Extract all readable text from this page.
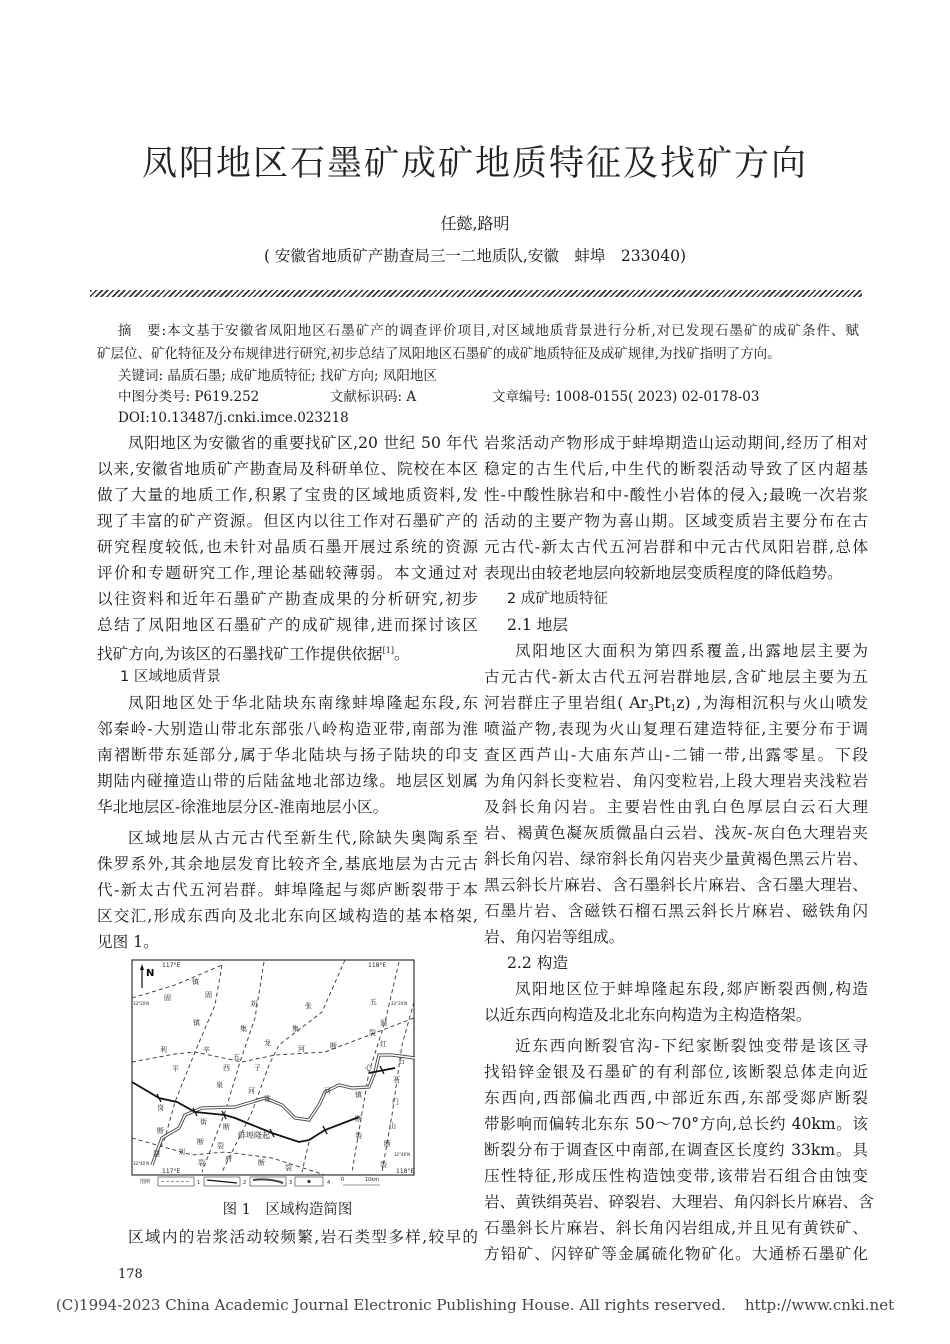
凤阳地区石墨矿成矿地质特征及找矿方向
任懿,路明
( 安徽省地质矿产勘查局三一二地质队,安徽　蚌埠　233040)
摘　要:本文基于安徽省凤阳地区石墨矿产的调查评价项目,对区域地质背景进行分析,对已发现石墨矿的成矿条件、赋
矿层位、矿化特征及分布规律进行研究,初步总结了凤阳地区石墨矿的成矿地质特征及成矿规律,为找矿指明了方向。
关键词: 晶质石墨; 成矿地质特征; 找矿方向; 凤阳地区
中图分类号: P619.252	文献标识码: A	文章编号: 1008-0155( 2023) 02-0178-03
DOI:10.13487/j.cnki.imce.023218
凤阳地区为安徽省的重要找矿区,20 世纪 50 年代
以来,安徽省地质矿产勘查局及科研单位、院校在本区
做了大量的地质工作,积累了宝贵的区域地质资料,发
现了丰富的矿产资源。但区内以往工作对石墨矿产的
研究程度较低,也未针对晶质石墨开展过系统的资源
评价和专题研究工作,理论基础较薄弱。本文通过对
以往资料和近年石墨矿产勘查成果的分析研究,初步
总结了凤阳地区石墨矿产的成矿规律,进而探讨该区
找矿方向,为该区的石墨找矿工作提供依据[1]。
1 区域地质背景
凤阳地区处于华北陆块东南缘蚌埠隆起东段,东
邻秦岭-大别造山带北东部张八岭构造亚带,南部为淮
南褶断带东延部分,属于华北陆块与扬子陆块的印支
期陆内碰撞造山带的后陆盆地北部边缘。地层区划属
华北地层区-徐淮地层分区-淮南地层小区。
区域地层从古元古代至新生代,除缺失奥陶系至
侏罗系外,其余地层发育比较齐全,基底地层为古元古
代-新太古代五河岩群。蚌埠隆起与郯庐断裂带于本
区交汇,形成东西向及北北东向区域构造的基本格架,
见图 1。
N
117°E	118°E
117°E	118°E
33°20′N	33°20′N
32°40′N
32°40′N
镇
固	固
刘	张
镇
集	集
五
涧
龙
河	断
裂
红
利	辛
五
西	子	心
石
平
泉
河
淮
河	镇
石
门
岗
街
断
断
断
裂
山
断
断 裂
刘
裂
裂	府	断
裂	裂
蚌埠隆起
图例	1	2	3	4 0	10km
图 1　区域构造简图
区域内的岩浆活动较频繁,岩石类型多样,较早的
岩浆活动产物形成于蚌埠期造山运动期间,经历了相对
稳定的古生代后,中生代的断裂活动导致了区内超基
性-中酸性脉岩和中-酸性小岩体的侵入;最晚一次岩浆
活动的主要产物为喜山期。区域变质岩主要分布在古
元古代-新太古代五河岩群和中元古代凤阳岩群,总体
表现出由较老地层向较新地层变质程度的降低趋势。
2 成矿地质特征
2.1 地层
凤阳地区大面积为第四系覆盖,出露地层主要为
古元古代-新太古代五河岩群地层,含矿地层主要为五
河岩群庄子里岩组( $Ar_3Pt_1z$) ,为海相沉积与火山喷发
喷溢产物,表现为火山复理石建造特征,主要分布于调
查区西芦山-大庙东芦山-二铺一带,出露零星。下段
为角闪斜长变粒岩、角闪变粒岩,上段大理岩夹浅粒岩
及斜长角闪岩。主要岩性由乳白色厚层白云石大理
岩、褐黄色凝灰质微晶白云岩、浅灰-灰白色大理岩夹
斜长角闪岩、绿帘斜长角闪岩夹少量黄褐色黑云片岩、
黑云斜长片麻岩、含石墨斜长片麻岩、含石墨大理岩、
石墨片岩、含磁铁石榴石黑云斜长片麻岩、磁铁角闪
岩、角闪岩等组成。
2.2 构造
凤阳地区位于蚌埠隆起东段,郯庐断裂西侧,构造
以近东西向构造及北北东向构造为主构造格架。
近东西向断裂官沟-下纪家断裂蚀变带是该区寻
找铅锌金银及石墨矿的有利部位,该断裂总体走向近
东西向,西部偏北西西,中部近东西,东部受郯庐断裂
带影响而偏转北东东 50～70°方向,总长约 40km。该
断裂分布于调查区中南部,在调查区长度约 33km。具
压性特征,形成压性构造蚀变带,该带岩石组合由蚀变
岩、黄铁绢英岩、碎裂岩、大理岩、角闪斜长片麻岩、含
石墨斜长片麻岩、斜长角闪岩组成,并且见有黄铁矿、
方铅矿、闪锌矿等金属硫化物矿化。大通桥石墨矿化
178
(C)1994-2023 China Academic Journal Electronic Publishing House. All rights reserved.    http://www.cnki.net
